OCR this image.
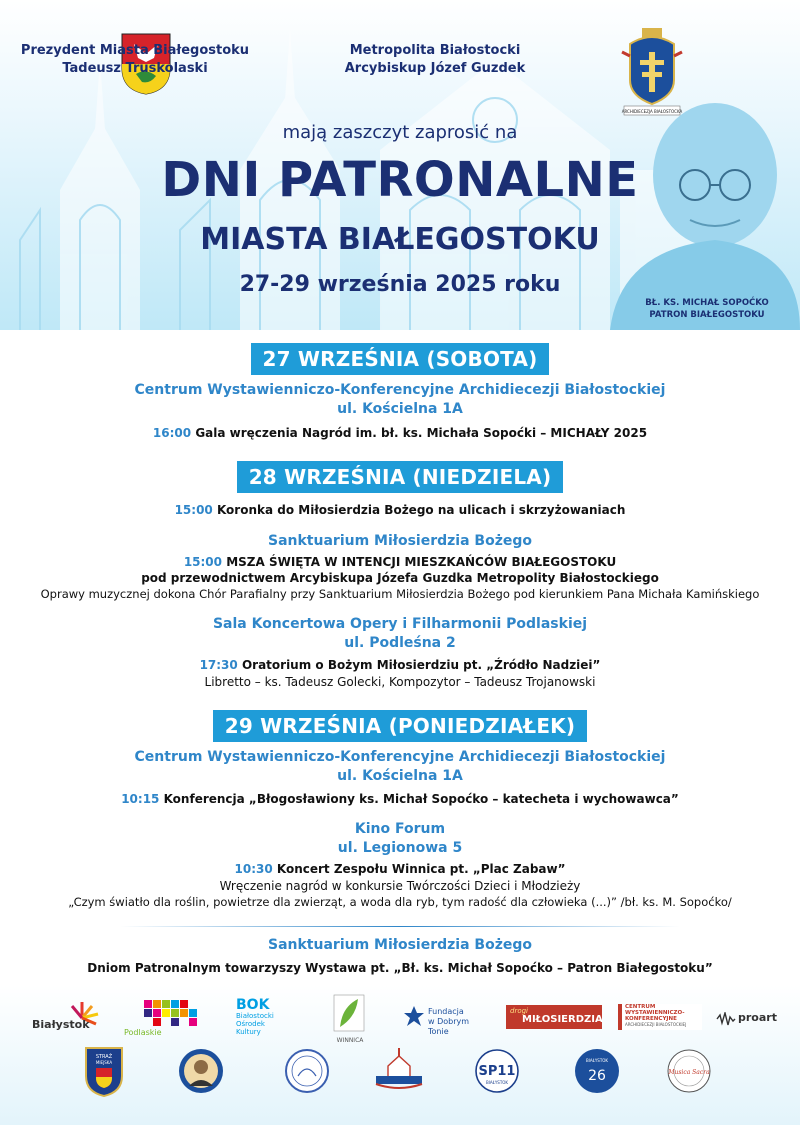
Prezydent Miasta Białegostoku
Tadeusz Truskolaski
Metropolita Białostocki
Arcybiskup Józef Guzdek
ARCHIDIECEZJA BIAŁOSTOCKA
mają zaszczyt zaprosić na
DNI PATRONALNE
MIASTA BIAŁEGOSTOKU
27-29 września 2025 roku
BŁ. KS. MICHAŁ SOPOĆKO
PATRON BIAŁEGOSTOKU
27 WRZEŚNIA (SOBOTA)
Centrum Wystawienniczo-Konferencyjne Archidiecezji Białostockiej
ul. Kościelna 1A
16:00 Gala wręczenia Nagród im. bł. ks. Michała Sopoćki – MICHAŁY 2025
28 WRZEŚNIA (NIEDZIELA)
15:00 Koronka do Miłosierdzia Bożego na ulicach i skrzyżowaniach
Sanktuarium Miłosierdzia Bożego
15:00 MSZA ŚWIĘTA W INTENCJI MIESZKAŃCÓW BIAŁEGOSTOKU
pod przewodnictwem Arcybiskupa Józefa Guzdka Metropolity Białostockiego
Oprawy muzycznej dokona Chór Parafialny przy Sanktuarium Miłosierdzia Bożego pod kierunkiem Pana Michała Kamińskiego
Sala Koncertowa Opery i Filharmonii Podlaskiej
ul. Podleśna 2
17:30 Oratorium o Bożym Miłosierdziu pt. „Źródło Nadziei”
Libretto – ks. Tadeusz Golecki, Kompozytor – Tadeusz Trojanowski
29 WRZEŚNIA (PONIEDZIAŁEK)
Centrum Wystawienniczo-Konferencyjne Archidiecezji Białostockiej
ul. Kościelna 1A
10:15 Konferencja „Błogosławiony ks. Michał Sopoćko – katecheta i wychowawca”
Kino Forum
ul. Legionowa 5
10:30 Koncert Zespołu Winnica pt. „Plac Zabaw”
Wręczenie nagród w konkursie Twórczości Dzieci i Młodzieży
„Czym światło dla roślin, powietrze dla zwierząt, a woda dla ryb, tym radość dla człowieka (...)” /bł. ks. M. Sopoćko/
Sanktuarium Miłosierdzia Bożego
Dniom Patronalnym towarzyszy Wystawa pt. „Bł. ks. Michał Sopoćko – Patron Białegostoku”
Białystok
Podlaskie
BOK
Białostocki
Ośrodek
Kultury
WINNICA
Fundacja
w Dobrym Tonie
drogi
MIŁOSIERDZIA
CENTRUM
WYSTAWIENNICZO-
KONFERENCYJNE
ARCHIDIECEZJI BIAŁOSTOCKIEJ
proart
STRAŻ
MIEJSKA
SP11
BIAŁYSTOK
BIAŁYSTOK
26	Musica Sacra
